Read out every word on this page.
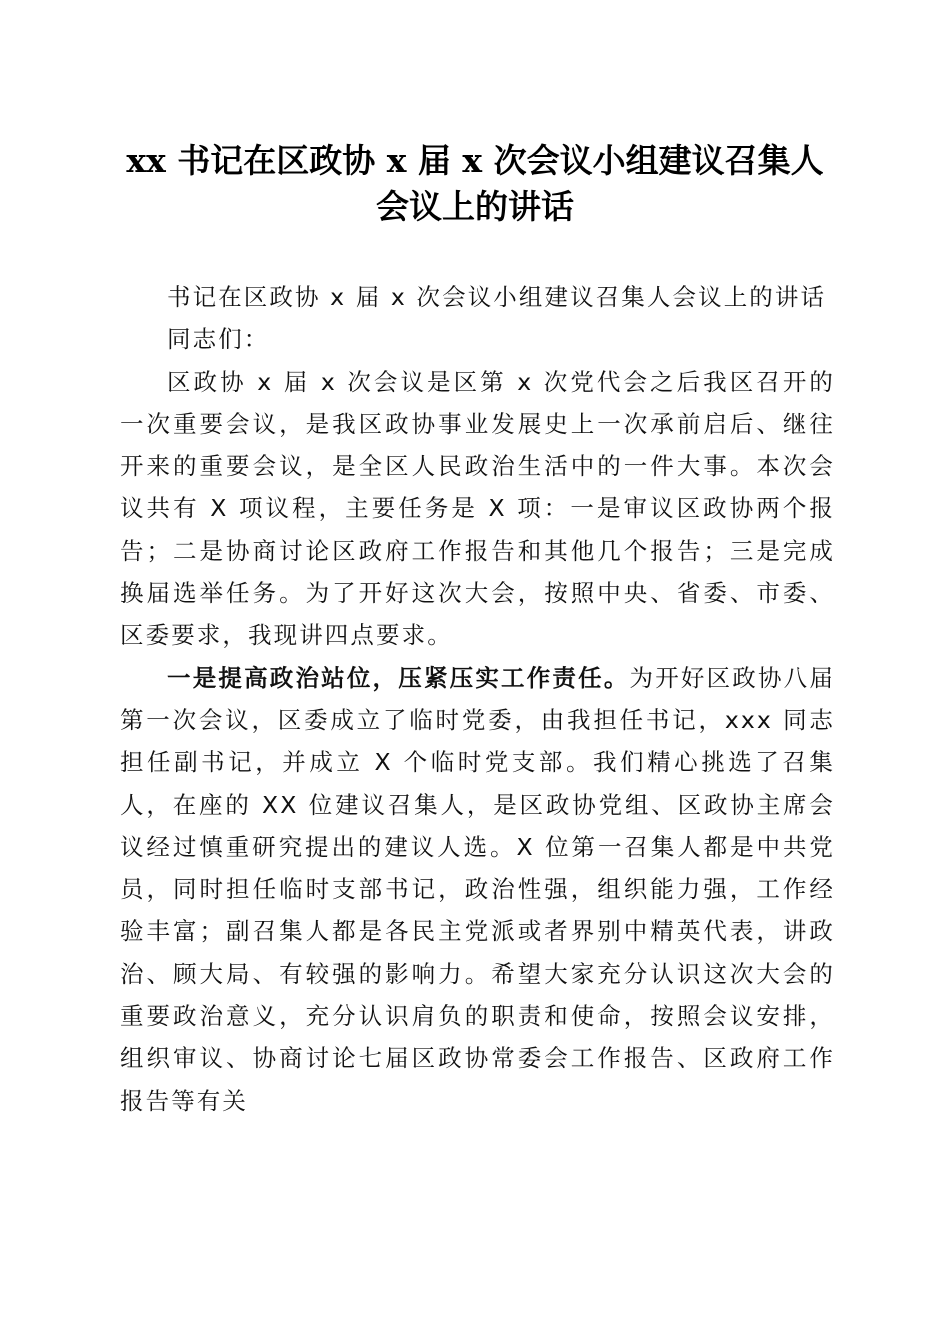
xx 书记在区政协 x 届 x 次会议小组建议召集人
会议上的讲话

书记在区政协 x 届 x 次会议小组建议召集人会议上的讲话

同志们：

区政协 x 届 x 次会议是区第 x 次党代会之后我区召开的一次重要会议，是我区政协事业发展史上一次承前启后、继往开来的重要会议，是全区人民政治生活中的一件大事。本次会议共有 X 项议程，主要任务是 X 项：一是审议区政协两个报告；二是协商讨论区政府工作报告和其他几个报告；三是完成换届选举任务。为了开好这次大会，按照中央、省委、市委、区委要求，我现讲四点要求。

一是提高政治站位，压紧压实工作责任。为开好区政协八届第一次会议，区委成立了临时党委，由我担任书记，xxx 同志担任副书记，并成立 X 个临时党支部。我们精心挑选了召集人，在座的 XX 位建议召集人，是区政协党组、区政协主席会议经过慎重研究提出的建议人选。X 位第一召集人都是中共党员，同时担任临时支部书记，政治性强，组织能力强，工作经验丰富；副召集人都是各民主党派或者界别中精英代表，讲政治、顾大局、有较强的影响力。希望大家充分认识这次大会的重要政治意义，充分认识肩负的职责和使命，按照会议安排，组织审议、协商讨论七届区政协常委会工作报告、区政府工作报告等有关
